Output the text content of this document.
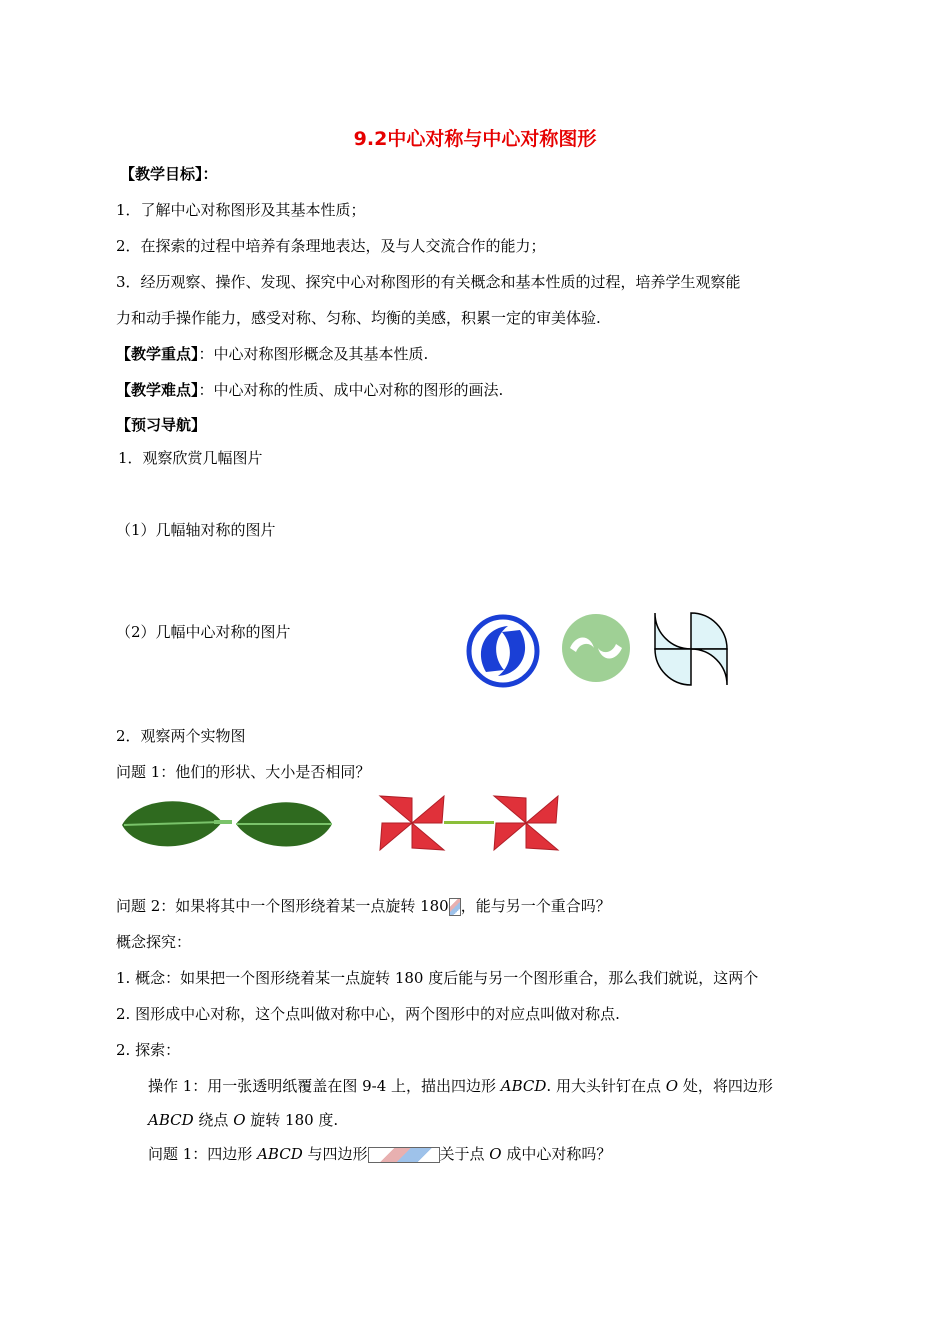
9.2中心对称与中心对称图形
【教学目标】：
1．了解中心对称图形及其基本性质；
2．在探索的过程中培养有条理地表达，及与人交流合作的能力；
3．经历观察、操作、发现、探究中心对称图形的有关概念和基本性质的过程，培养学生观察能
力和动手操作能力，感受对称、匀称、均衡的美感，积累一定的审美体验.
【教学重点】：中心对称图形概念及其基本性质.
【教学难点】：中心对称的性质、成中心对称的图形的画法.
【预习导航】
1．观察欣赏几幅图片
（1）几幅轴对称的图片
（2）几幅中心对称的图片
2．观察两个实物图
问题 1：他们的形状、大小是否相同？
问题 2：如果将其中一个图形绕着某一点旋转 180 ，能与另一个重合吗？
概念探究：
1. 概念：如果把一个图形绕着某一点旋转 180 度后能与另一个图形重合，那么我们就说，这两个
2. 图形成中心对称，这个点叫做对称中心，两个图形中的对应点叫做对称点.
2. 探索：
操作 1：用一张透明纸覆盖在图 9-4 上，描出四边形 ABCD. 用大头针钉在点 O 处，将四边形
ABCD 绕点 O 旋转 180 度.
问题 1：四边形 ABCD 与四边形	关于点 O 成中心对称吗？
